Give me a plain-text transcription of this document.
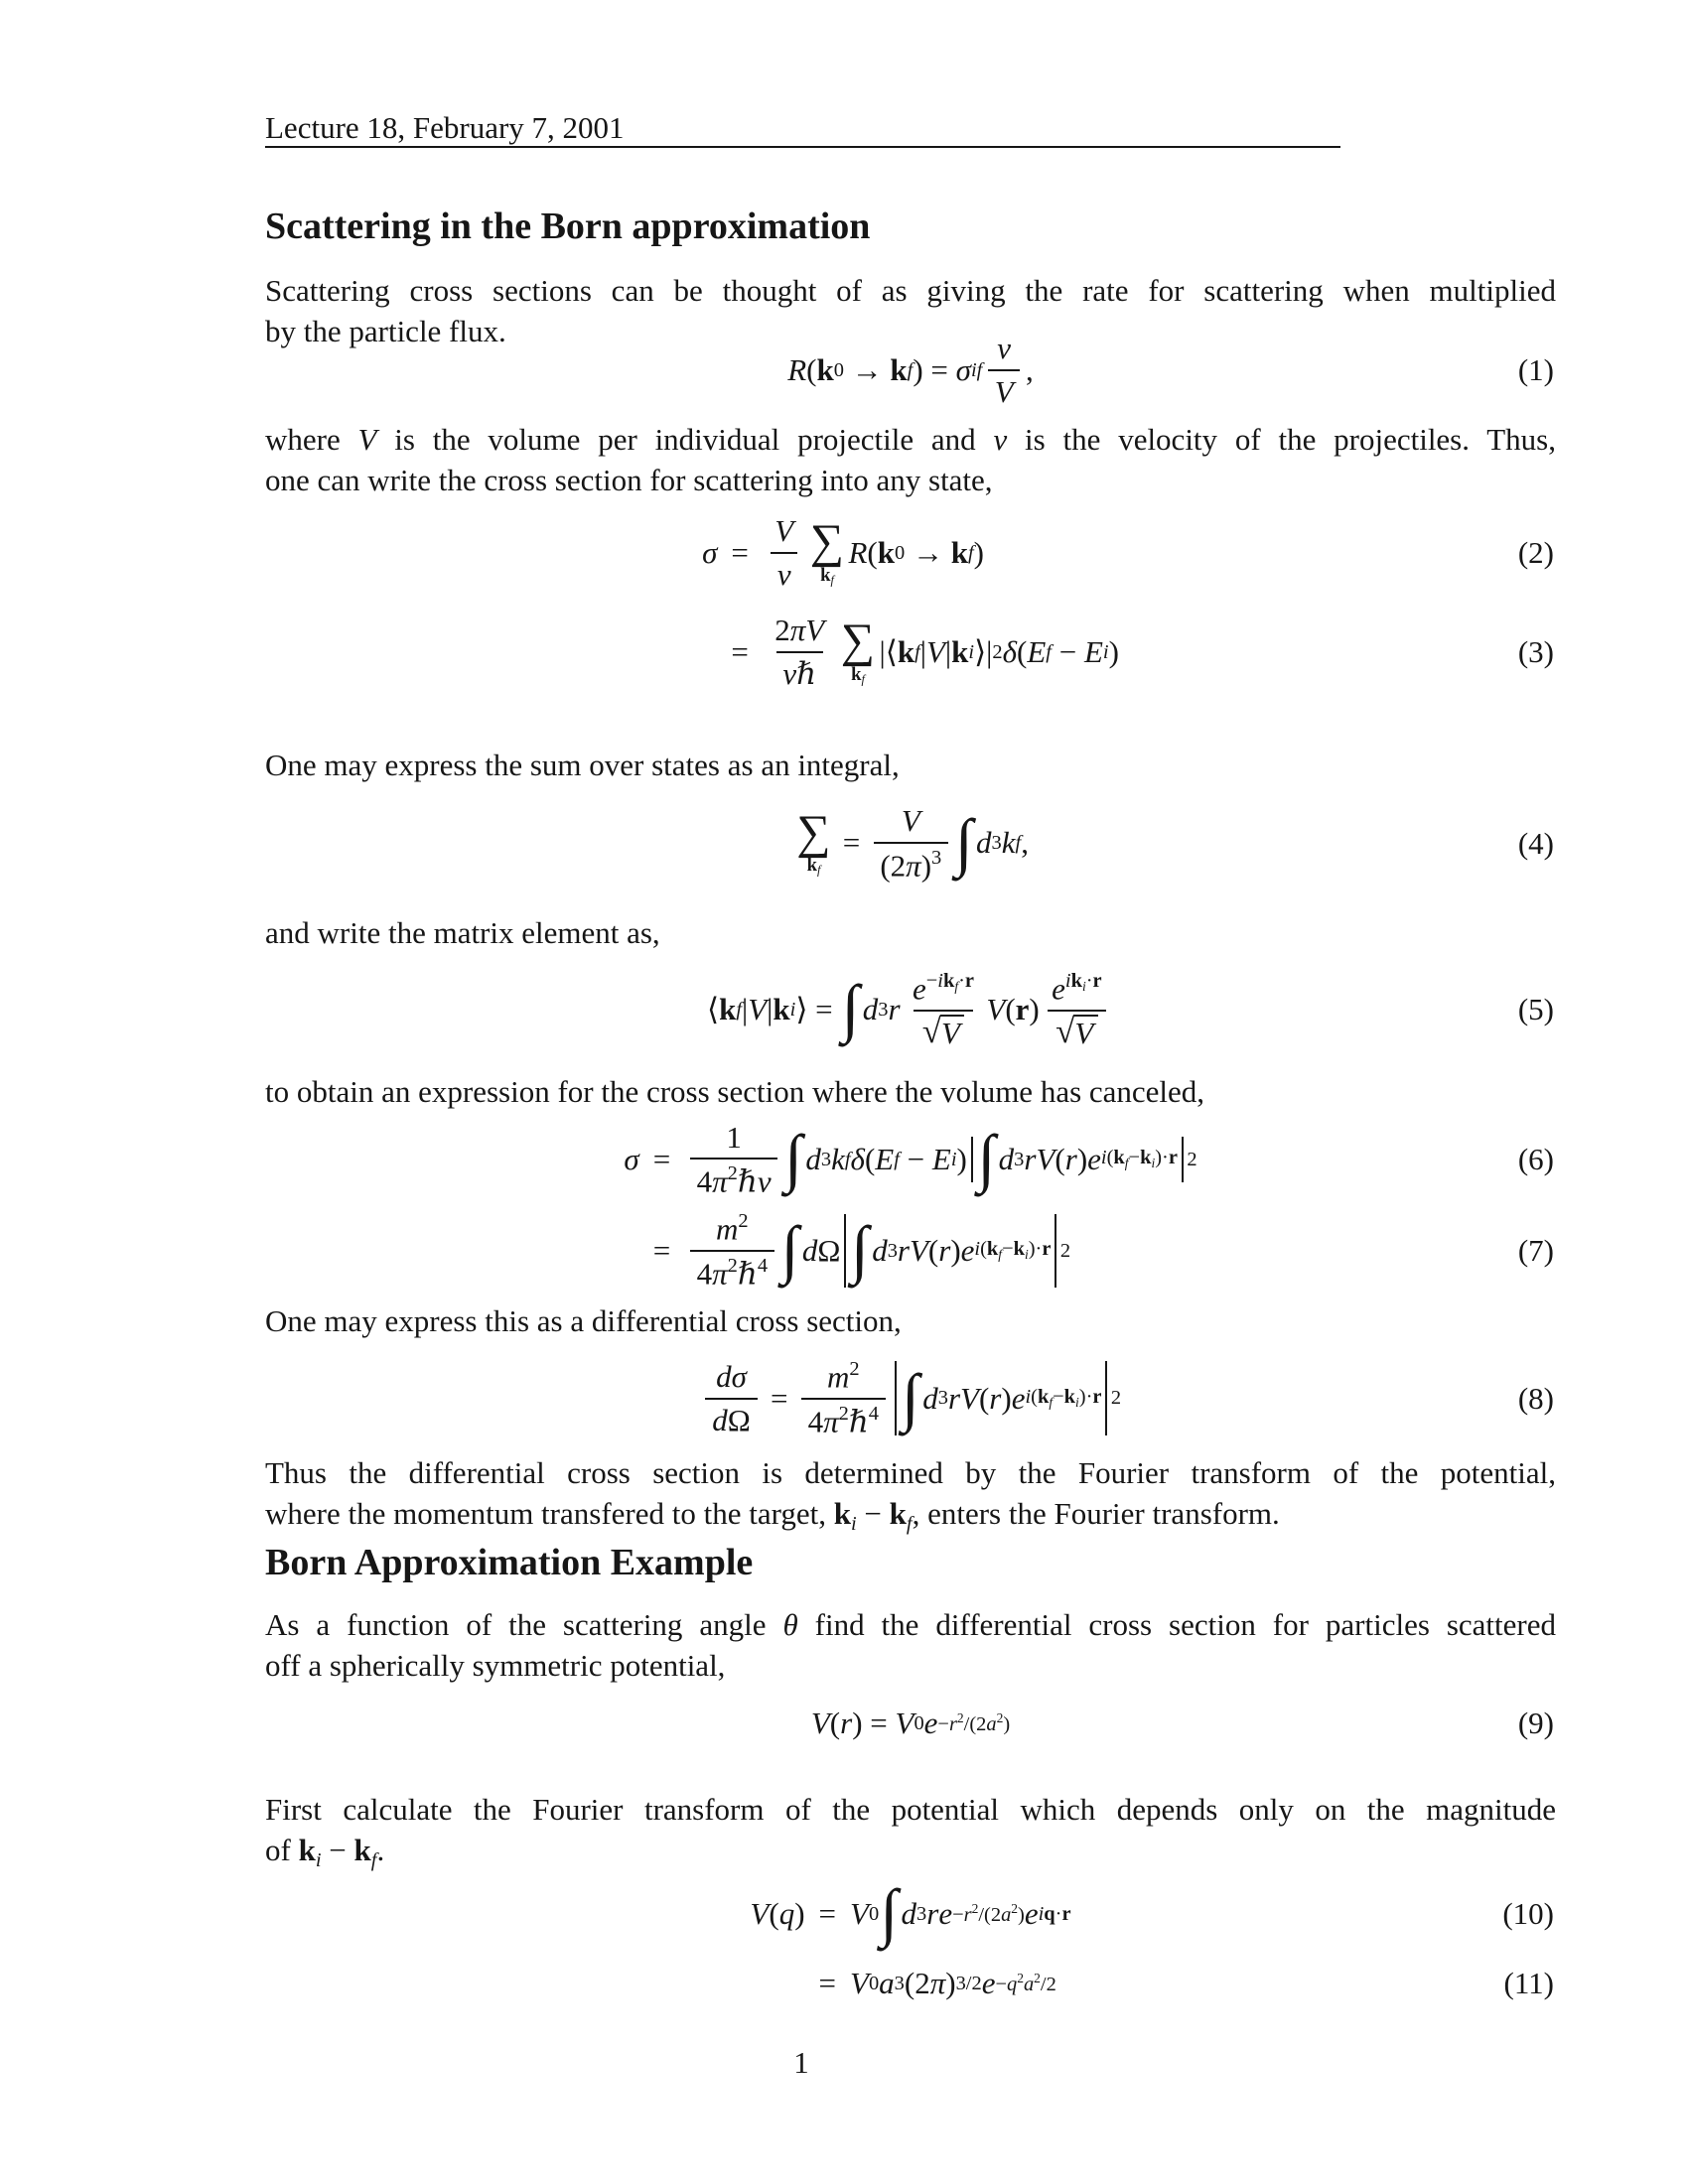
Lecture 18, February 7, 2001
Scattering in the Born approximation
Scattering cross sections can be thought of as giving the rate for scattering when multiplied
by the particle flux.
R ( k 0 → k f ) = σ if
v
V
,	(1)
where V is the volume per individual projectile and v is the velocity of the projectiles. Thus,
one can write the cross section for scattering into any state,
(2)
(3)
σ =
V
v
∑
kf
R ( k 0 → k f )
=
2πV
vℏ
∑
kf
|⟨ k f | V | k i ⟩| 2 δ ( E f − E i )
One may express the sum over states as an integral,
∑
kf
= $\frac{V}{(2\pi)^3}$ ∫ d 3 k f ,	(4)
and write the matrix element as,
⟨ k f | V | k i ⟩ = ∫ d 3 r
$e^{-ikf\cdot r}$
√ V
V ( r )
$e^{iki\cdot r}$
√ V
(5)
to obtain an expression for the cross section where the volume has canceled,
(6)
(7)
σ =
1
$4\pi^2\hbar v$ ∫ d 3 k f δ ( E f − E i ) ∫ d 3 r V ( r ) e i(kf−ki)·r 2
=
$m^2$
$4\pi^2\hbar^4$ ∫ d Ω ∫ d 3 r V ( r ) e i(kf−ki)·r 2
One may express this as a differential cross section,
$\frac{d\sigma}{d\Omega}$ =
$m^2$
$4\pi^2\hbar^4$ ∫ d 3 r V ( r ) e i(kf−ki)·r 2	(8)
Thus the differential cross section is determined by the Fourier transform of the potential,
where the momentum transfered to the target, ki − kf, enters the Fourier transform.
Born Approximation Example
As a function of the scattering angle θ find the differential cross section for particles scattered
off a spherically symmetric potential,
V ( r ) = V 0 $e -r^2/(2a^2)$	(9)
First calculate the Fourier transform of the potential which depends only on the magnitude
of ki − kf.
(10)
(11)
V ( q ) = V 0 ∫ d 3 r $e -r^2/(2a^2)$ e iq·r
= V 0 a 3 (2 π ) 3/2 $e -q^2a^2/2$
1
